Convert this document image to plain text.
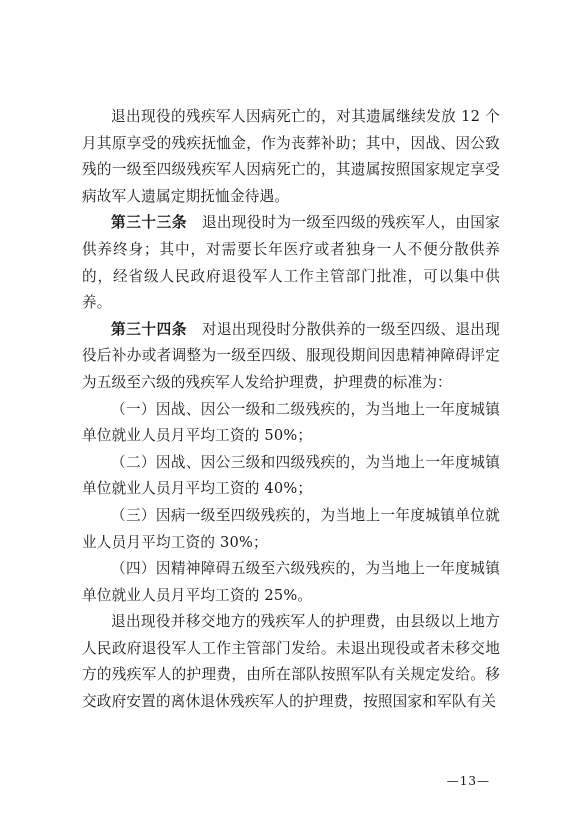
退出现役的残疾军人因病死亡的，对其遗属继续发放 12 个月其原享受的残疾抚恤金，作为丧葬补助；其中，因战、因公致残的一级至四级残疾军人因病死亡的，其遗属按照国家规定享受病故军人遗属定期抚恤金待遇。

第三十三条　 退出现役时为一级至四级的残疾军人，由国家供养终身；其中，对需要长年医疗或者独身一人不便分散供养的，经省级人民政府退役军人工作主管部门批准，可以集中供养。

第三十四条　 对退出现役时分散供养的一级至四级、退出现役后补办或者调整为一级至四级、服现役期间因患精神障碍评定为五级至六级的残疾军人发给护理费，护理费的标准为：

（一）因战、因公一级和二级残疾的，为当地上一年度城镇单位就业人员月平均工资的 50%；

（二）因战、因公三级和四级残疾的，为当地上一年度城镇单位就业人员月平均工资的 40%；

（三）因病一级至四级残疾的，为当地上一年度城镇单位就业人员月平均工资的 30%；

（四）因精神障碍五级至六级残疾的，为当地上一年度城镇单位就业人员月平均工资的 25%。

退出现役并移交地方的残疾军人的护理费，由县级以上地方人民政府退役军人工作主管部门发给。未退出现役或者未移交地方的残疾军人的护理费，由所在部队按照军队有关规定发给。移交政府安置的离休退休残疾军人的护理费，按照国家和军队有关

—13—
